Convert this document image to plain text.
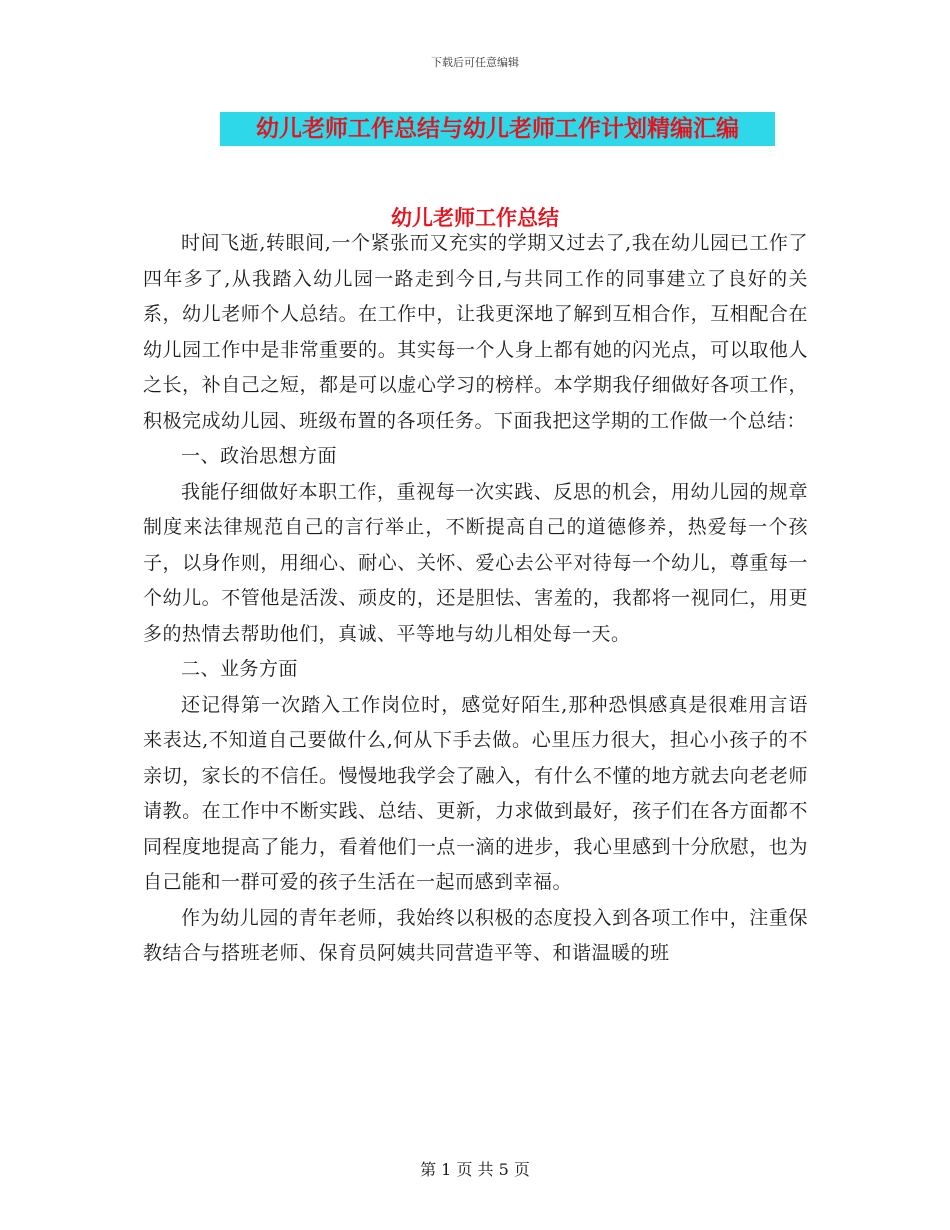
下载后可任意编辑
幼儿老师工作总结与幼儿老师工作计划精编汇编
幼儿老师工作总结

时间飞逝,转眼间,一个紧张而又充实的学期又过去了,我在幼儿园已工作了四年多了,从我踏入幼儿园一路走到今日,与共同工作的同事建立了良好的关系，幼儿老师个人总结。在工作中，让我更深地了解到互相合作，互相配合在幼儿园工作中是非常重要的。其实每一个人身上都有她的闪光点，可以取他人之长，补自己之短，都是可以虚心学习的榜样。本学期我仔细做好各项工作，积极完成幼儿园、班级布置的各项任务。下面我把这学期的工作做一个总结：

一、政治思想方面

我能仔细做好本职工作，重视每一次实践、反思的机会，用幼儿园的规章制度来法律规范自己的言行举止，不断提高自己的道德修养，热爱每一个孩子，以身作则，用细心、耐心、关怀、爱心去公平对待每一个幼儿，尊重每一个幼儿。不管他是活泼、顽皮的，还是胆怯、害羞的，我都将一视同仁，用更多的热情去帮助他们，真诚、平等地与幼儿相处每一天。

二、业务方面

还记得第一次踏入工作岗位时，感觉好陌生,那种恐惧感真是很难用言语来表达,不知道自己要做什么,何从下手去做。心里压力很大，担心小孩子的不亲切，家长的不信任。慢慢地我学会了融入，有什么不懂的地方就去向老老师请教。在工作中不断实践、总结、更新，力求做到最好，孩子们在各方面都不同程度地提高了能力，看着他们一点一滴的进步，我心里感到十分欣慰，也为自己能和一群可爱的孩子生活在一起而感到幸福。

作为幼儿园的青年老师，我始终以积极的态度投入到各项工作中，注重保教结合与搭班老师、保育员阿姨共同营造平等、和谐温暖的班

第 1 页 共 5 页
